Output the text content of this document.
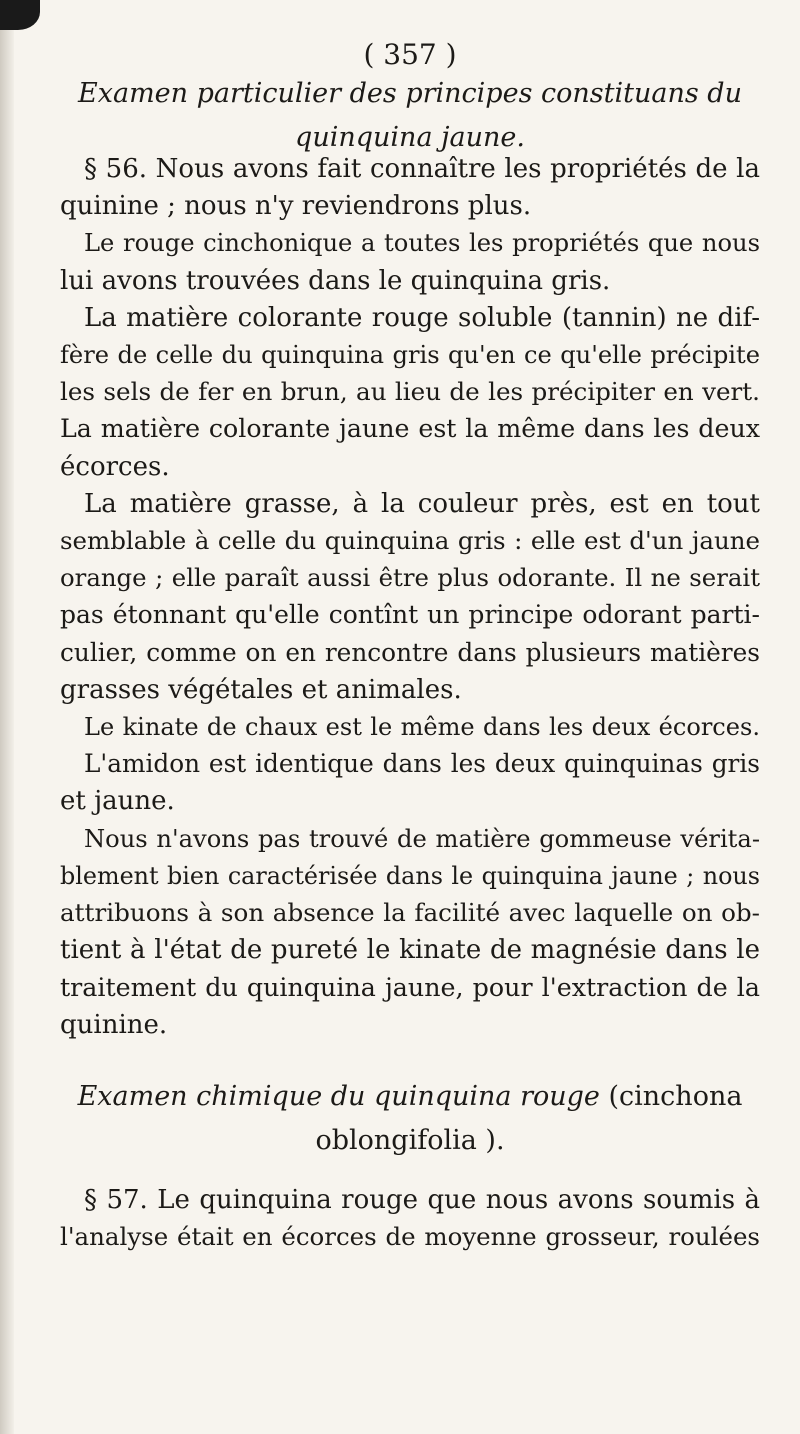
( 357 )
Examen particulier des principes constituans du
quinquina jaune.
§ 56. Nous avons fait connaître les propriétés de la
quinine ; nous n'y reviendrons plus.
Le rouge cinchonique a toutes les propriétés que nous
lui avons trouvées dans le quinquina gris.
La matière colorante rouge soluble (tannin) ne dif-
fère de celle du quinquina gris qu'en ce qu'elle précipite
les sels de fer en brun, au lieu de les précipiter en vert.
La matière colorante jaune est la même dans les deux
écorces.
La matière grasse, à la couleur près, est en tout
semblable à celle du quinquina gris : elle est d'un jaune
orange ; elle paraît aussi être plus odorante. Il ne serait
pas étonnant qu'elle contînt un principe odorant parti-
culier, comme on en rencontre dans plusieurs matières
grasses végétales et animales.
Le kinate de chaux est le même dans les deux écorces.
L'amidon est identique dans les deux quinquinas gris
et jaune.
Nous n'avons pas trouvé de matière gommeuse vérita-
blement bien caractérisée dans le quinquina jaune ; nous
attribuons à son absence la facilité avec laquelle on ob-
tient à l'état de pureté le kinate de magnésie dans le
traitement du quinquina jaune, pour l'extraction de la
quinine.
Examen chimique du quinquina rouge (cinchona
oblongifolia ).
§ 57. Le quinquina rouge que nous avons soumis à
l'analyse était en écorces de moyenne grosseur, roulées
